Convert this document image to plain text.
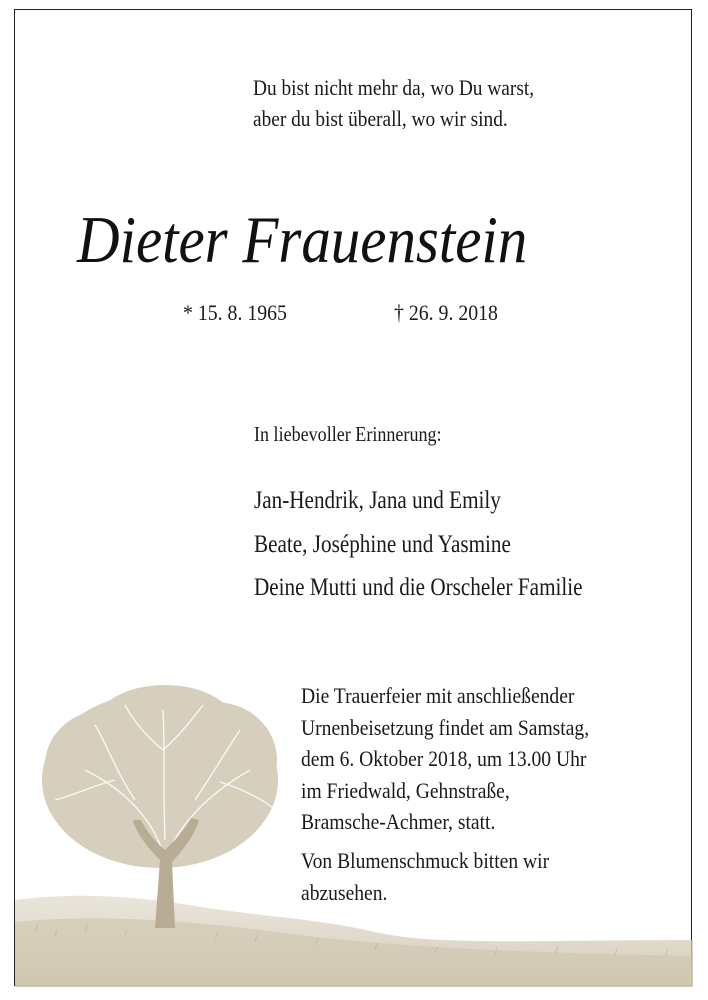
Du bist nicht mehr da, wo Du warst,
aber du bist überall, wo wir sind.
Dieter Frauenstein
* 15. 8. 1965	† 26. 9. 2018
In liebevoller Erinnerung:
Jan-Hendrik, Jana und Emily
Beate, Joséphine und Yasmine
Deine Mutti und die Orscheler Familie

Die Trauerfeier mit anschließender
Urnenbeisetzung findet am Samstag,
dem 6. Oktober 2018, um 13.00 Uhr
im Friedwald, Gehnstraße,
Bramsche-Achmer, statt.

Von Blumenschmuck bitten wir
abzusehen.
